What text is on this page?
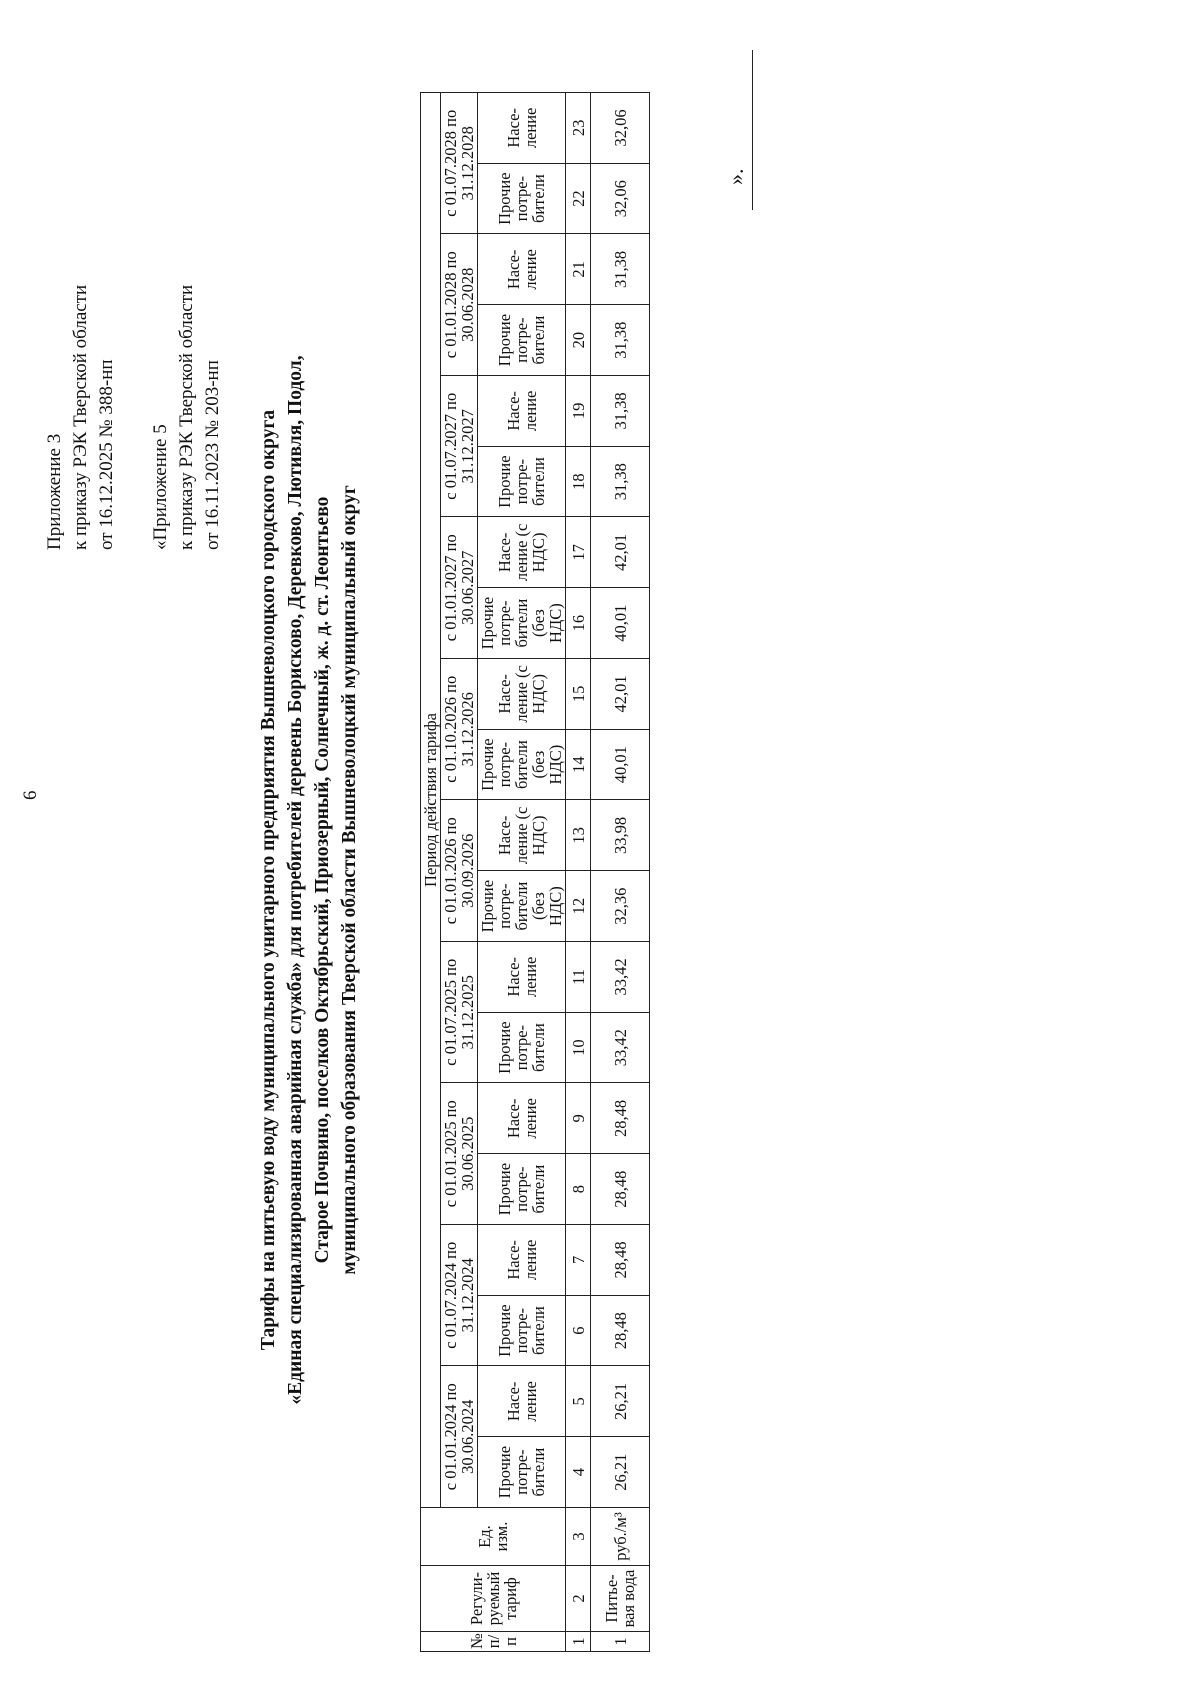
6
Приложение 3 к приказу РЭК Тверской области от 16.12.2025 № 388-нп «Приложение 5 к приказу РЭК Тверской области от 16.11.2023 № 203-нп Тарифы на питьевую воду муниципального унитарного предприятия Вышневолоцкого городского округа «Единая специализированная аварийная служба» для потребителей деревень Борисково, Деревково, Лютивля, Подол, Старое Почвино, поселков Октябрьский, Приозерный, Солнечный, ж. д. ст. Леонтьево муниципального образования Тверской области Вышневолоцкий муниципальный округ
№ п/п	Регули-руемый тариф	Ед. изм.	Период действия тарифа																			
			с 01.01.2024 по 30.06.2024		с 01.07.2024 по 31.12.2024		с 01.01.2025 по 30.06.2025		с 01.07.2025 по 31.12.2025		с 01.01.2026 по 30.09.2026		с 01.10.2026 по 31.12.2026		с 01.01.2027 по 30.06.2027		с 01.07.2027 по 31.12.2027		с 01.01.2028 по 30.06.2028		с 01.07.2028 по 31.12.2028	
			Прочие потре-бители	Насе-ление	Прочие потре-бители	Насе-ление	Прочие потре-бители	Насе-ление	Прочие потре-бители	Насе-ление	Прочие потре-бители (без НДС)	Насе-ление (с НДС)	Прочие потре-бители (без НДС)	Насе-ление (с НДС)	Прочие потре-бители (без НДС)	Насе-ление (с НДС)	Прочие потре-бители	Насе-ление	Прочие потре-бители	Насе-ление	Прочие потре-бители	Насе-ление
1	2	3	4	5	6	7	8	9	10	11	12	13	14	15	16	17	18	19	20	21	22	23
1	Питье-вая вода	руб./м³	26,21	26,21	28,48	28,48	28,48	28,48	33,42	33,42	32,36	33,98	40,01	42,01	40,01	42,01	31,38	31,38	31,38	31,38	32,06	32,06
».
